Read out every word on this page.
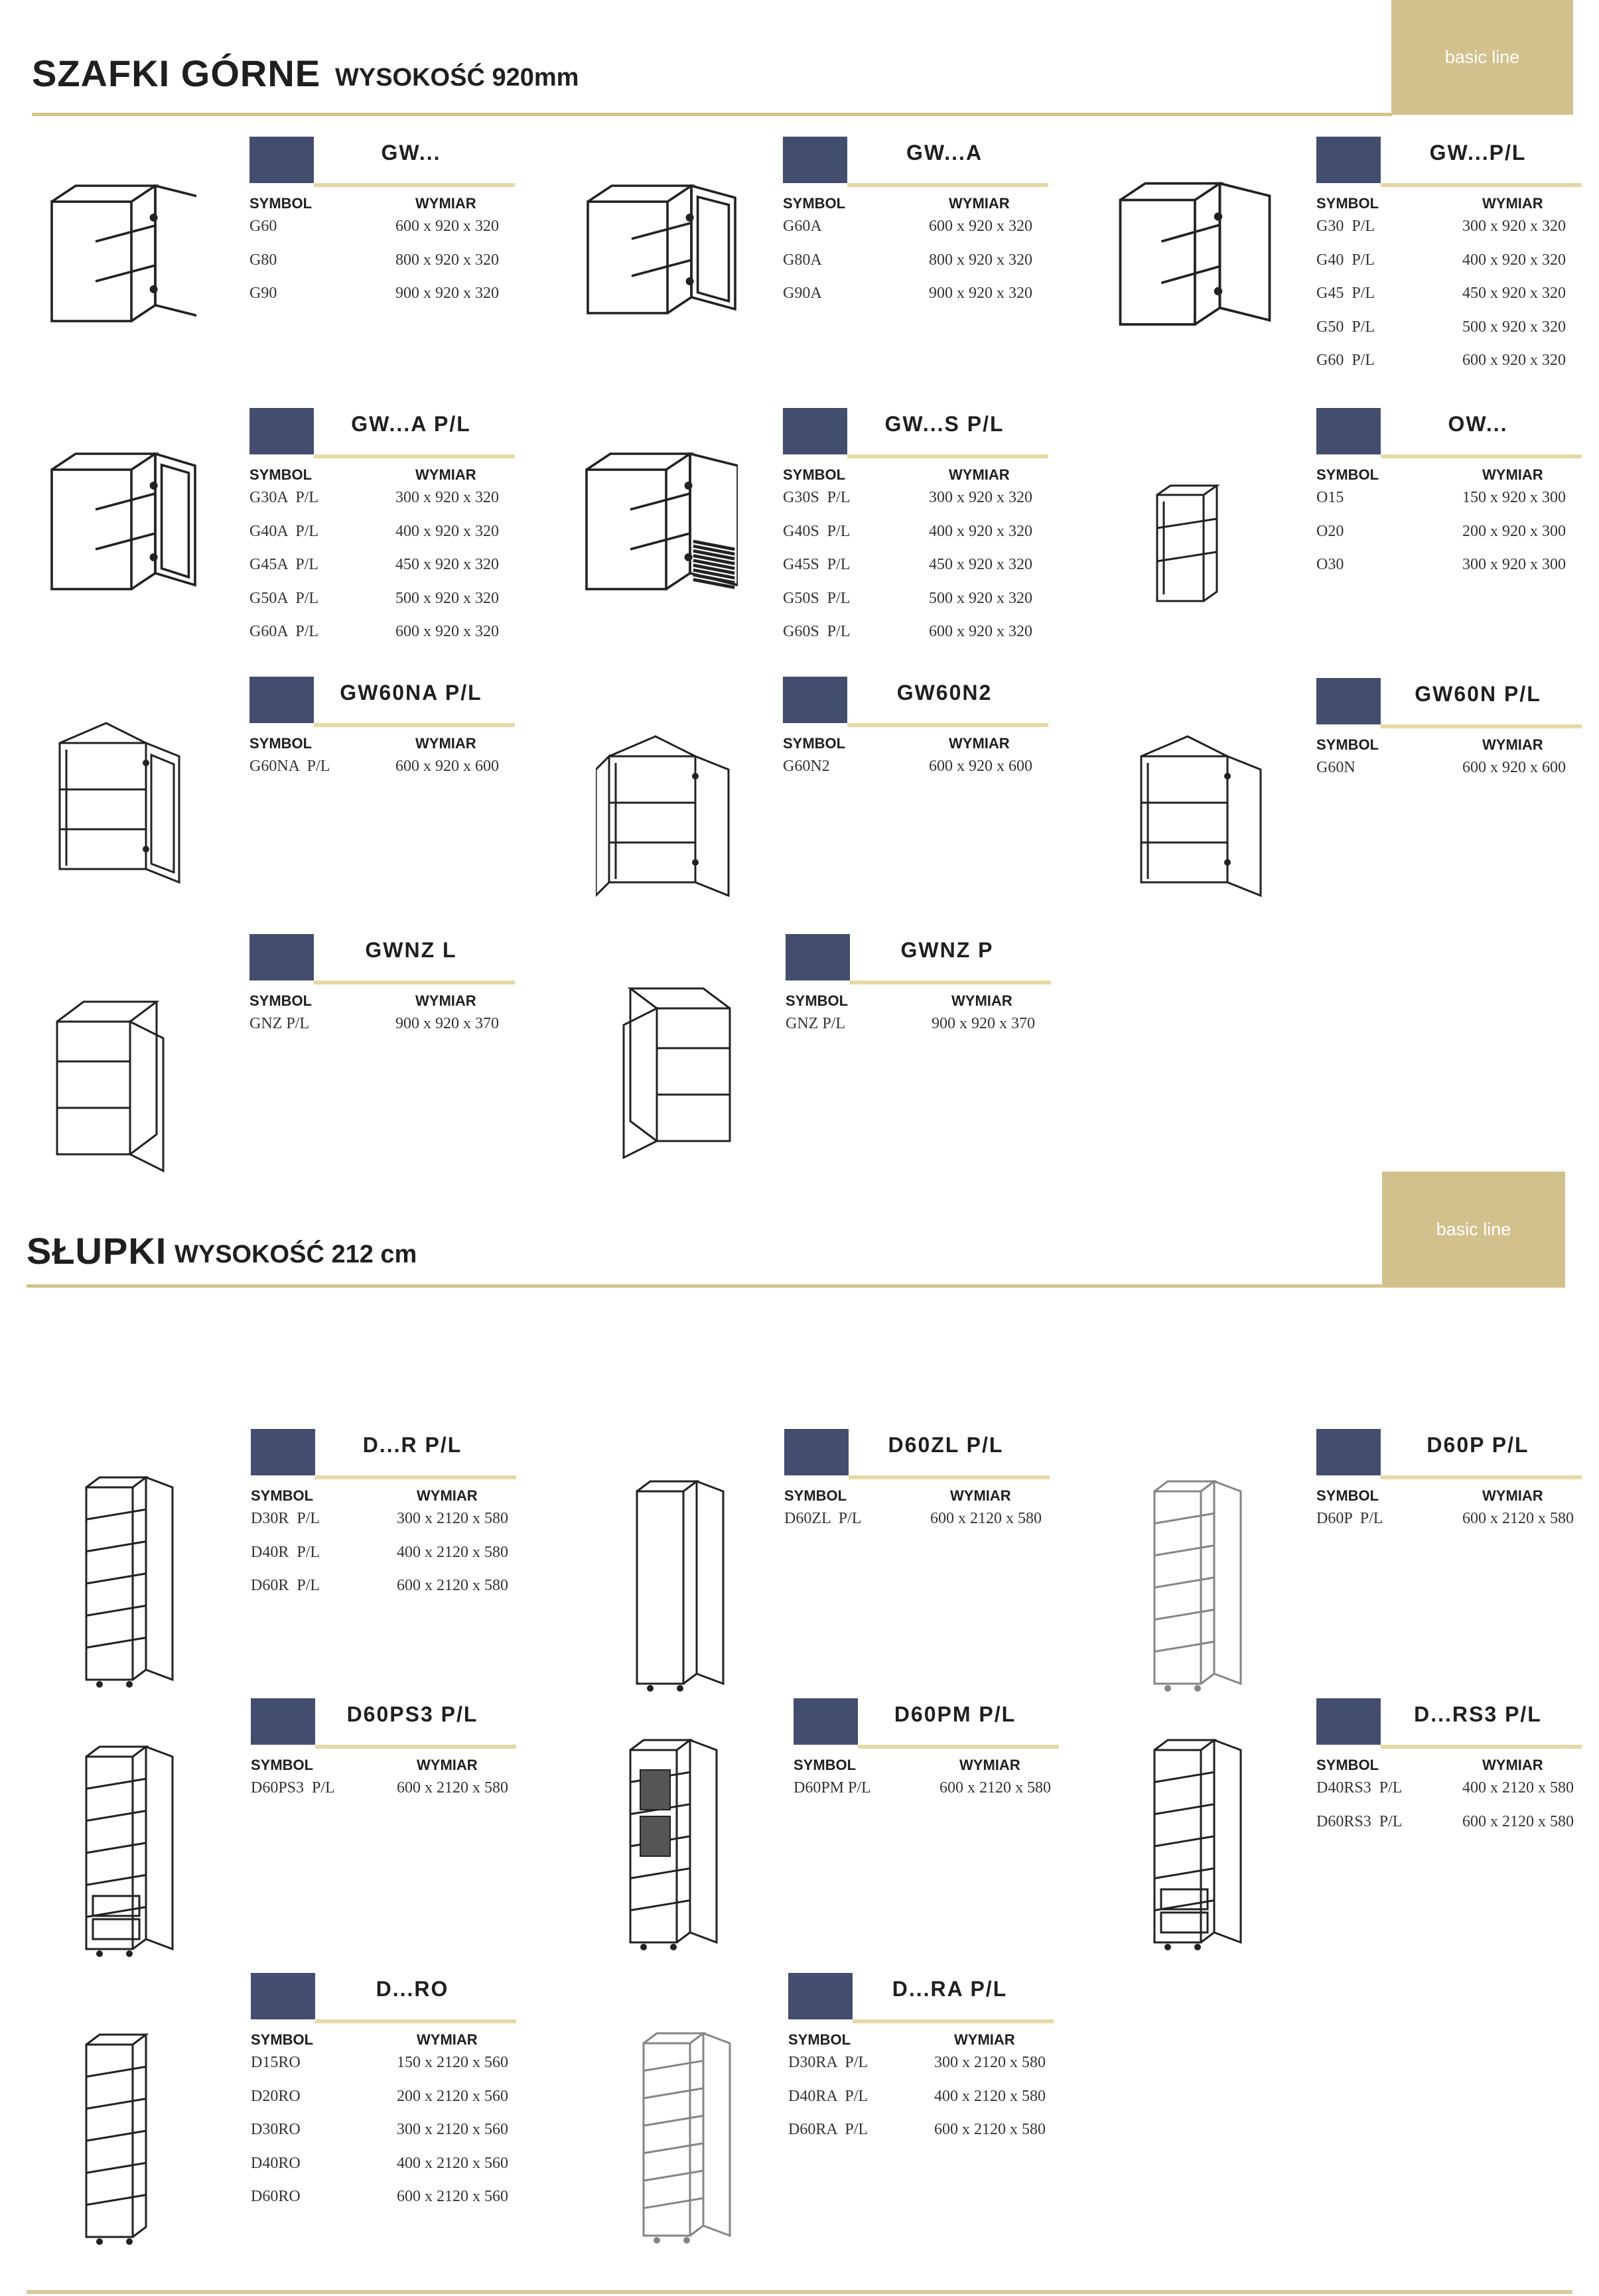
SZAFKI GÓRNE WYSOKOŚĆ 920mm
basic line
SŁUPKI WYSOKOŚĆ 212 cm
basic line
GW...
SYMBOL	WYMIAR
G60	600 x 920 x 320
G80	800 x 920 x 320
G90	900 x 920 x 320
GW...A
SYMBOL	WYMIAR
G60A	600 x 920 x 320
G80A	800 x 920 x 320
G90A	900 x 920 x 320
GW...P/L
SYMBOL	WYMIAR
G30  P/L	300 x 920 x 320
G40  P/L	400 x 920 x 320
G45  P/L	450 x 920 x 320
G50  P/L	500 x 920 x 320
G60  P/L	600 x 920 x 320
GW...A P/L
SYMBOL	WYMIAR
G30A  P/L	300 x 920 x 320
G40A  P/L	400 x 920 x 320
G45A  P/L	450 x 920 x 320
G50A  P/L	500 x 920 x 320
G60A  P/L	600 x 920 x 320
GW...S P/L
SYMBOL	WYMIAR
G30S  P/L	300 x 920 x 320
G40S  P/L	400 x 920 x 320
G45S  P/L	450 x 920 x 320
G50S  P/L	500 x 920 x 320
G60S  P/L	600 x 920 x 320
OW...
SYMBOL	WYMIAR
O15	150 x 920 x 300
O20	200 x 920 x 300
O30	300 x 920 x 300
GW60NA P/L
SYMBOL	WYMIAR
G60NA  P/L	600 x 920 x 600
GW60N2
SYMBOL	WYMIAR
G60N2	600 x 920 x 600
GW60N P/L
SYMBOL	WYMIAR
G60N	600 x 920 x 600
GWNZ L
SYMBOL	WYMIAR
GNZ P/L	900 x 920 x 370
GWNZ P
SYMBOL	WYMIAR
GNZ P/L	900 x 920 x 370
D...R P/L
SYMBOL	WYMIAR
D30R  P/L	300 x 2120 x 580
D40R  P/L	400 x 2120 x 580
D60R  P/L	600 x 2120 x 580
D60ZL P/L
SYMBOL	WYMIAR
D60ZL  P/L	600 x 2120 x 580
D60P P/L
SYMBOL	WYMIAR
D60P  P/L	600 x 2120 x 580
D60PS3 P/L
SYMBOL	WYMIAR
D60PS3  P/L	600 x 2120 x 580
D60PM P/L
SYMBOL	WYMIAR
D60PM P/L	600 x 2120 x 580
D...RS3 P/L
SYMBOL	WYMIAR
D40RS3  P/L	400 x 2120 x 580
D60RS3  P/L	600 x 2120 x 580
D...RO
SYMBOL	WYMIAR
D15RO	150 x 2120 x 560
D20RO	200 x 2120 x 560
D30RO	300 x 2120 x 560
D40RO	400 x 2120 x 560
D60RO	600 x 2120 x 560
D...RA P/L
SYMBOL	WYMIAR
D30RA  P/L	300 x 2120 x 580
D40RA  P/L	400 x 2120 x 580
D60RA  P/L	600 x 2120 x 580
